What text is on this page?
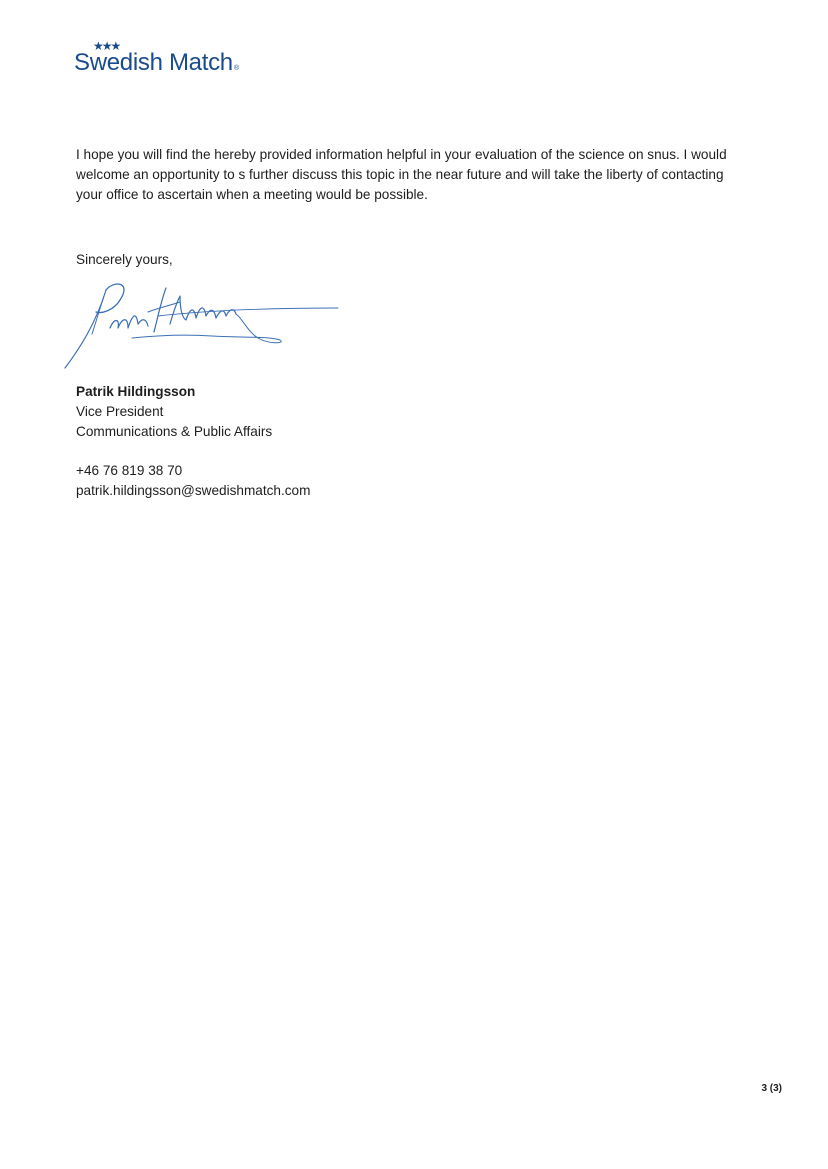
★★★
Swedish Match®

I hope you will find the hereby provided information helpful in your evaluation of the science on snus. I would welcome an opportunity to s further discuss this topic in the near future and will take the liberty of contacting your office to ascertain when a meeting would be possible.

Sincerely yours,

Patrik Hildingsson
Vice President
Communications & Public Affairs
+46 76 819 38 70
patrik.hildingsson@swedishmatch.com
3 (3)
